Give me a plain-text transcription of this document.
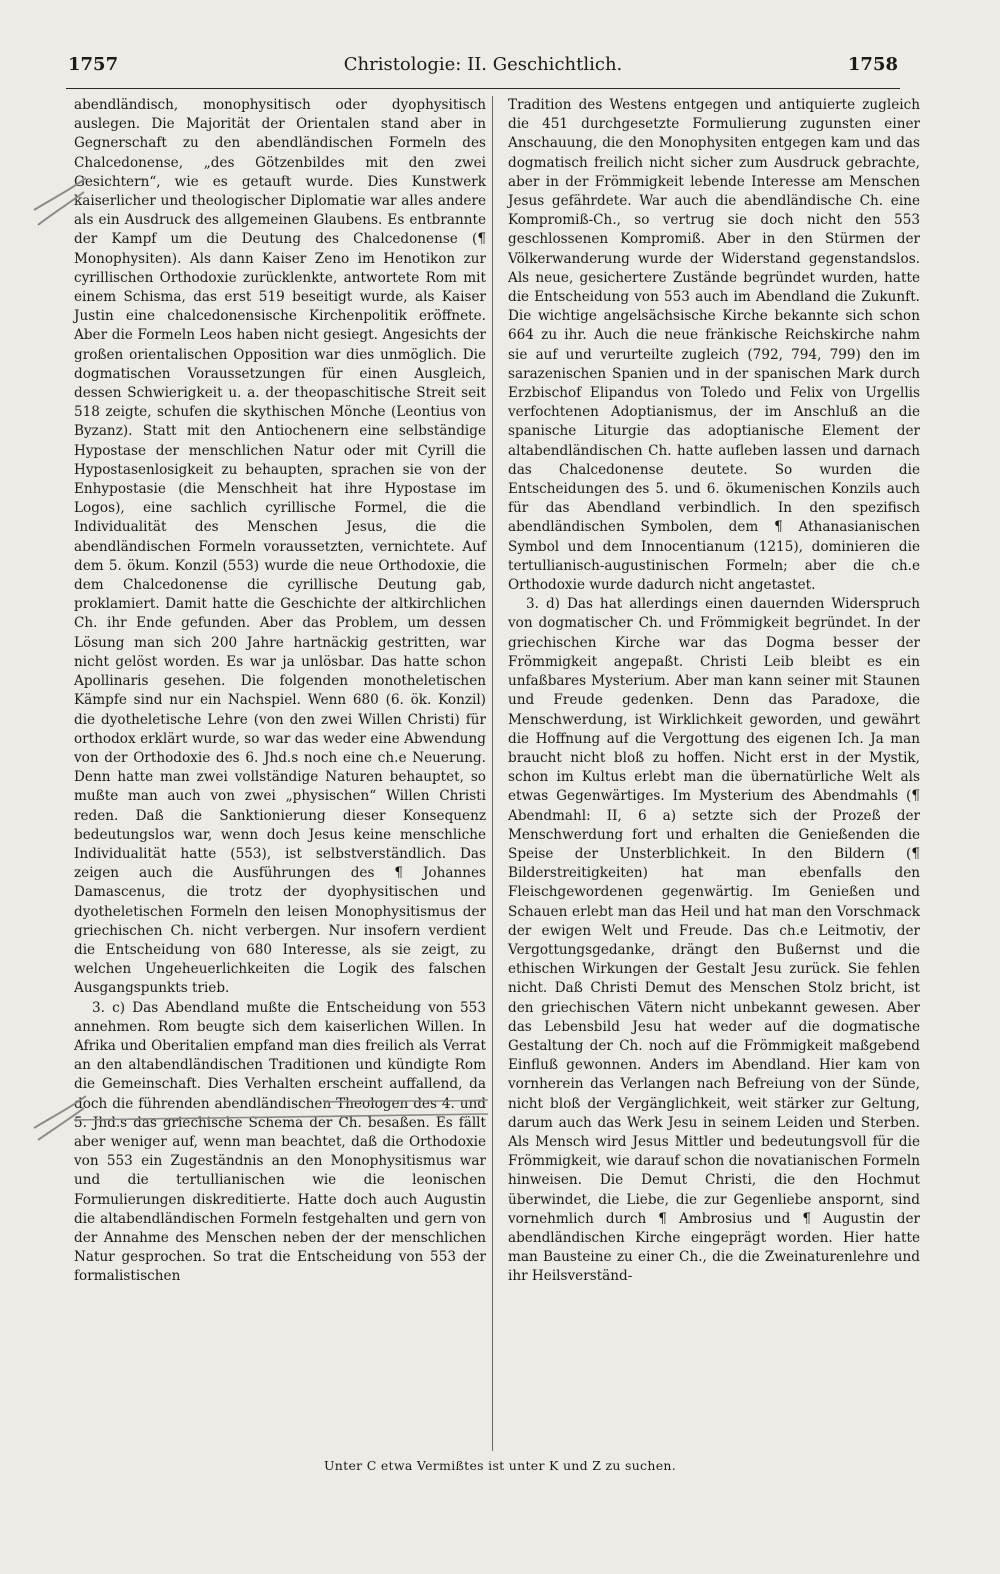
1757	Christologie: II. Geschichtlich.	1758

abendländisch, monophysitisch oder dyophysitisch auslegen. Die Majorität der Orientalen stand aber in Gegnerschaft zu den abendländischen Formeln des Chalcedonense, „des Götzenbildes mit den zwei Gesichtern“, wie es getauft wurde. Dies Kunstwerk kaiserlicher und theologischer Diplomatie war alles andere als ein Ausdruck des allgemeinen Glaubens. Es entbrannte der Kampf um die Deutung des Chalcedonense (¶ Monophysiten). Als dann Kaiser Zeno im Henotikon zur cyrillischen Orthodoxie zurücklenkte, antwortete Rom mit einem Schisma, das erst 519 beseitigt wurde, als Kaiser Justin eine chalcedonensische Kirchenpolitik eröffnete. Aber die Formeln Leos haben nicht gesiegt. Angesichts der großen orientalischen Opposition war dies unmöglich. Die dogmatischen Voraussetzungen für einen Ausgleich, dessen Schwierigkeit u. a. der theopaschitische Streit seit 518 zeigte, schufen die skythischen Mönche (Leontius von Byzanz). Statt mit den Antiochenern eine selbständige Hypostase der menschlichen Natur oder mit Cyrill die Hypostasenlosigkeit zu behaupten, sprachen sie von der Enhypostasie (die Menschheit hat ihre Hypostase im Logos), eine sachlich cyrillische Formel, die die Individualität des Menschen Jesus, die die abendländischen Formeln voraussetzten, vernichtete. Auf dem 5. ökum. Konzil (553) wurde die neue Orthodoxie, die dem Chalcedonense die cyrillische Deutung gab, proklamiert. Damit hatte die Geschichte der altkirchlichen Ch. ihr Ende gefunden. Aber das Problem, um dessen Lösung man sich 200 Jahre hartnäckig gestritten, war nicht gelöst worden. Es war ja unlösbar. Das hatte schon Apollinaris gesehen. Die folgenden monotheletischen Kämpfe sind nur ein Nachspiel. Wenn 680 (6. ök. Konzil) die dyotheletische Lehre (von den zwei Willen Christi) für orthodox erklärt wurde, so war das weder eine Abwendung von der Orthodoxie des 6. Jhd.s noch eine ch.e Neuerung. Denn hatte man zwei vollständige Naturen behauptet, so mußte man auch von zwei „physischen“ Willen Christi reden. Daß die Sanktionierung dieser Konsequenz bedeutungslos war, wenn doch Jesus keine menschliche Individualität hatte (553), ist selbstverständlich. Das zeigen auch die Ausführungen des ¶ Johannes Damascenus, die trotz der dyophysitischen und dyotheletischen Formeln den leisen Monophysitismus der griechischen Ch. nicht verbergen. Nur insofern verdient die Entscheidung von 680 Interesse, als sie zeigt, zu welchen Ungeheuerlichkeiten die Logik des falschen Ausgangspunkts trieb.

3. c) Das Abendland mußte die Entscheidung von 553 annehmen. Rom beugte sich dem kaiserlichen Willen. In Afrika und Oberitalien empfand man dies freilich als Verrat an den altabendländischen Traditionen und kündigte Rom die Gemeinschaft. Dies Verhalten erscheint auffallend, da doch die führenden abendländischen Theologen des 4. und 5. Jhd.s das griechische Schema der Ch. besaßen. Es fällt aber weniger auf, wenn man beachtet, daß die Orthodoxie von 553 ein Zugeständnis an den Monophysitismus war und die tertullianischen wie die leonischen Formulierungen diskreditierte. Hatte doch auch Augustin die altabendländischen Formeln festgehalten und gern von der Annahme des Menschen neben der der menschlichen Natur gesprochen. So trat die Entscheidung von 553 der formalistischen

Tradition des Westens entgegen und antiquierte zugleich die 451 durchgesetzte Formulierung zugunsten einer Anschauung, die den Monophysiten entgegen kam und das dogmatisch freilich nicht sicher zum Ausdruck gebrachte, aber in der Frömmigkeit lebende Interesse am Menschen Jesus gefährdete. War auch die abendländische Ch. eine Kompromiß-Ch., so vertrug sie doch nicht den 553 geschlossenen Kompromiß. Aber in den Stürmen der Völkerwanderung wurde der Widerstand gegenstandslos. Als neue, gesichertere Zustände begründet wurden, hatte die Entscheidung von 553 auch im Abendland die Zukunft. Die wichtige angelsächsische Kirche bekannte sich schon 664 zu ihr. Auch die neue fränkische Reichskirche nahm sie auf und verurteilte zugleich (792, 794, 799) den im sarazenischen Spanien und in der spanischen Mark durch Erzbischof Elipandus von Toledo und Felix von Urgellis verfochtenen Adoptianismus, der im Anschluß an die spanische Liturgie das adoptianische Element der altabendländischen Ch. hatte aufleben lassen und darnach das Chalcedonense deutete. So wurden die Entscheidungen des 5. und 6. ökumenischen Konzils auch für das Abendland verbindlich. In den spezifisch abendländischen Symbolen, dem ¶ Athanasianischen Symbol und dem Innocentianum (1215), dominieren die tertullianisch-augustinischen Formeln; aber die ch.e Orthodoxie wurde dadurch nicht angetastet.

3. d) Das hat allerdings einen dauernden Widerspruch von dogmatischer Ch. und Frömmigkeit begründet. In der griechischen Kirche war das Dogma besser der Frömmigkeit angepaßt. Christi Leib bleibt es ein unfaßbares Mysterium. Aber man kann seiner mit Staunen und Freude gedenken. Denn das Paradoxe, die Menschwerdung, ist Wirklichkeit geworden, und gewährt die Hoffnung auf die Vergottung des eigenen Ich. Ja man braucht nicht bloß zu hoffen. Nicht erst in der Mystik, schon im Kultus erlebt man die übernatürliche Welt als etwas Gegenwärtiges. Im Mysterium des Abendmahls (¶ Abendmahl: II, 6 a) setzte sich der Prozeß der Menschwerdung fort und erhalten die Genießenden die Speise der Unsterblichkeit. In den Bildern (¶ Bilderstreitigkeiten) hat man ebenfalls den Fleischgewordenen gegenwärtig. Im Genießen und Schauen erlebt man das Heil und hat man den Vorschmack der ewigen Welt und Freude. Das ch.e Leitmotiv, der Vergottungsgedanke, drängt den Bußernst und die ethischen Wirkungen der Gestalt Jesu zurück. Sie fehlen nicht. Daß Christi Demut des Menschen Stolz bricht, ist den griechischen Vätern nicht unbekannt gewesen. Aber das Lebensbild Jesu hat weder auf die dogmatische Gestaltung der Ch. noch auf die Frömmigkeit maßgebend Einfluß gewonnen. Anders im Abendland. Hier kam von vornherein das Verlangen nach Befreiung von der Sünde, nicht bloß der Vergänglichkeit, weit stärker zur Geltung, darum auch das Werk Jesu in seinem Leiden und Sterben. Als Mensch wird Jesus Mittler und bedeutungsvoll für die Frömmigkeit, wie darauf schon die novatianischen Formeln hinweisen. Die Demut Christi, die den Hochmut überwindet, die Liebe, die zur Gegenliebe anspornt, sind vornehmlich durch ¶ Ambrosius und ¶ Augustin der abendländischen Kirche eingeprägt worden. Hier hatte man Bausteine zu einer Ch., die die Zweinaturenlehre und ihr Heilsverständ-

Unter C etwa Vermißtes ist unter K und Z zu suchen.
